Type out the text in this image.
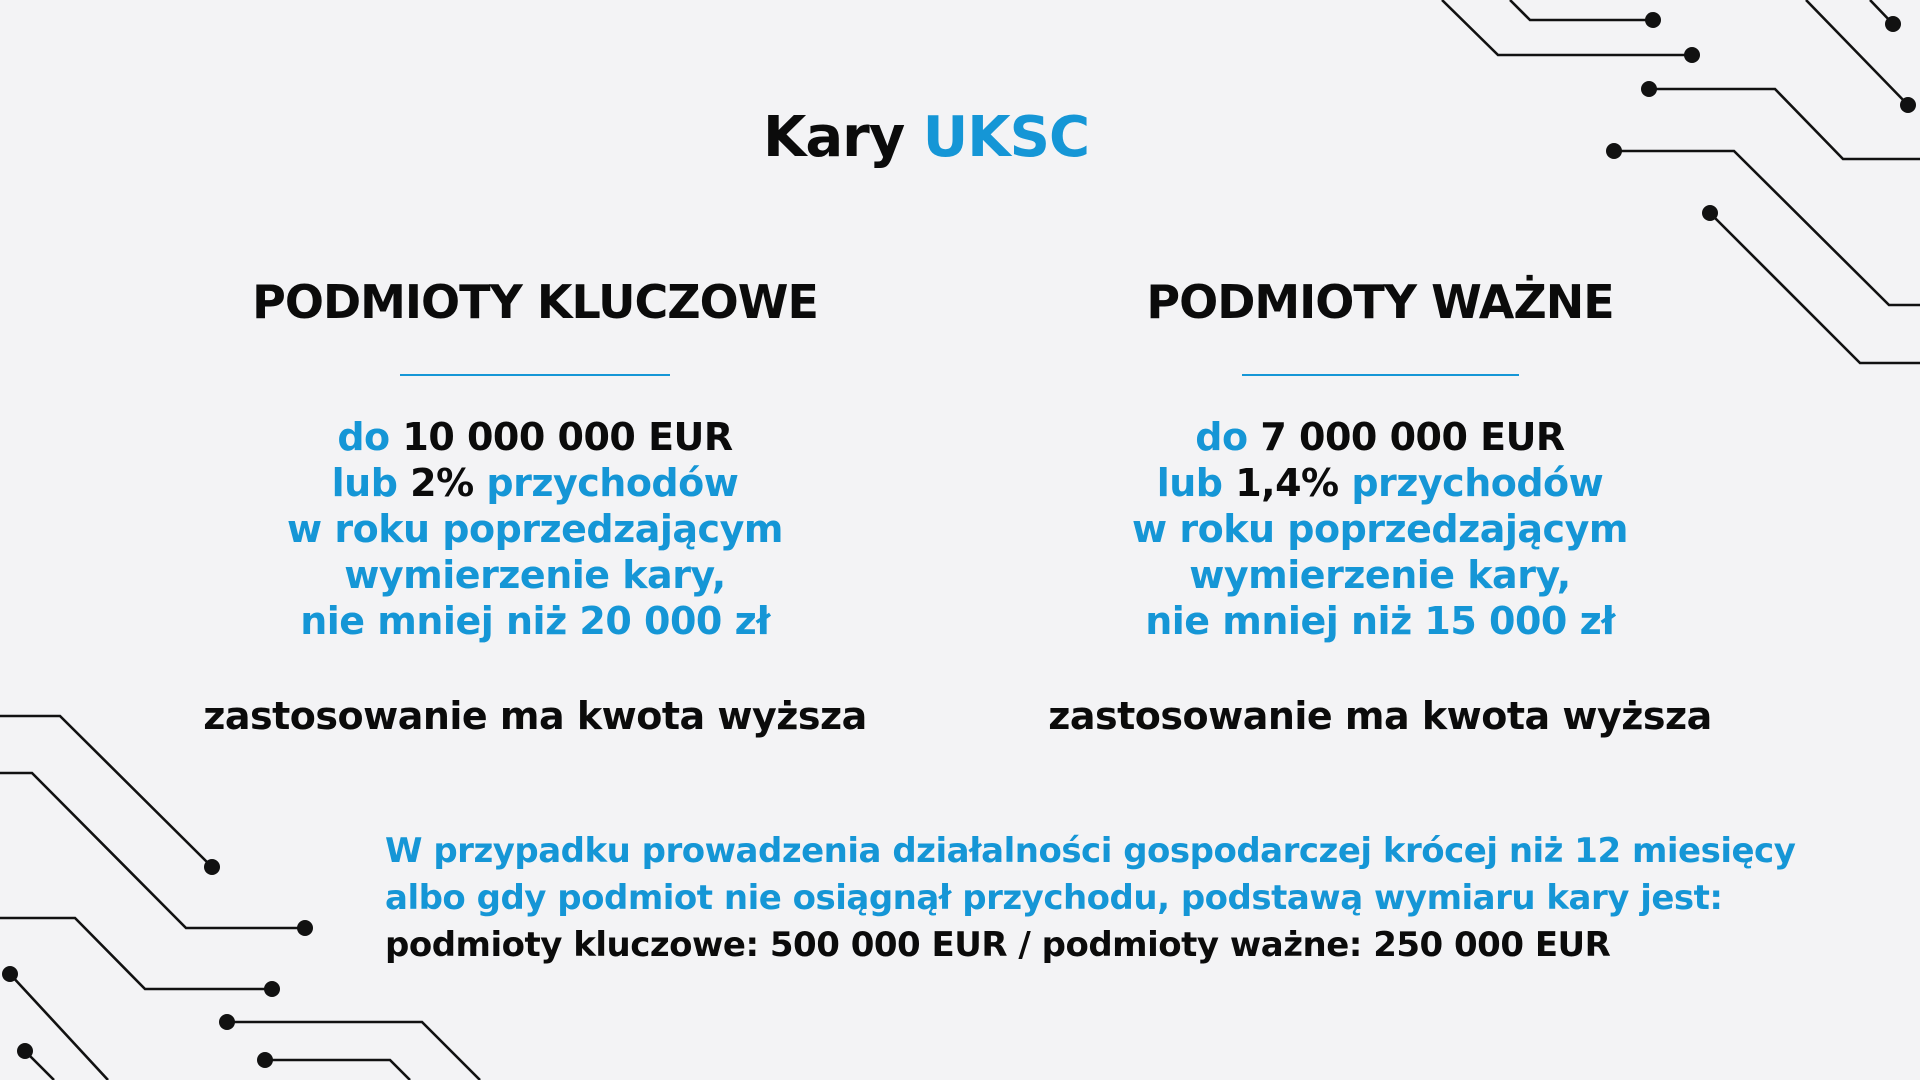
Kary UKSC
PODMIOTY KLUCZOWE
do 10 000 000 EUR
lub 2% przychodów
w roku poprzedzającym
wymierzenie kary,
nie mniej niż 20 000 zł
zastosowanie ma kwota wyższa
PODMIOTY WAŻNE
do 7 000 000 EUR
lub 1,4% przychodów
w roku poprzedzającym
wymierzenie kary,
nie mniej niż 15 000 zł
zastosowanie ma kwota wyższa
W przypadku prowadzenia działalności gospodarczej krócej niż 12 miesięcy
albo gdy podmiot nie osiągnął przychodu, podstawą wymiaru kary jest:
podmioty kluczowe: 500 000 EUR / podmioty ważne: 250 000 EUR
